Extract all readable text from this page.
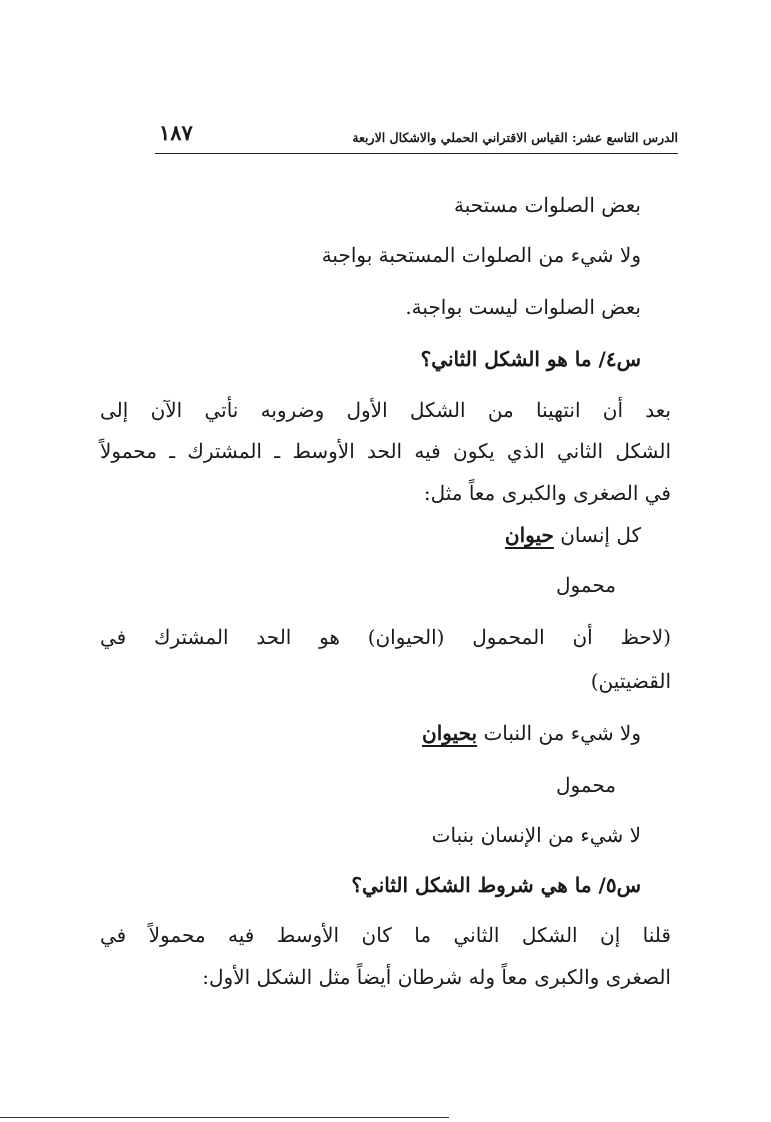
الدرس التاسع عشر: القياس الاقتراني الحملي والاشكال الاربعة
١٨٧
بعض الصلوات مستحبة
ولا شيء من الصلوات المستحبة بواجبة
بعض الصلوات ليست بواجبة.
س٤/ ما هو الشكل الثاني؟
بعد أن انتهينا من الشكل الأول وضروبه نأتي الآن إلى
الشكل الثاني الذي يكون فيه الحد الأوسط ـ المشترك ـ محمولاً
في الصغرى والكبرى معاً مثل:
كل إنسان حيوان
محمول
(لاحظ أن المحمول (الحيوان) هو الحد المشترك في
القضيتين)
ولا شيء من النبات بحيوان
محمول
لا شيء من الإنسان بنبات
س٥/ ما هي شروط الشكل الثاني؟
قلنا إن الشكل الثاني ما كان الأوسط فيه محمولاً في
الصغرى والكبرى معاً وله شرطان أيضاً مثل الشكل الأول:
